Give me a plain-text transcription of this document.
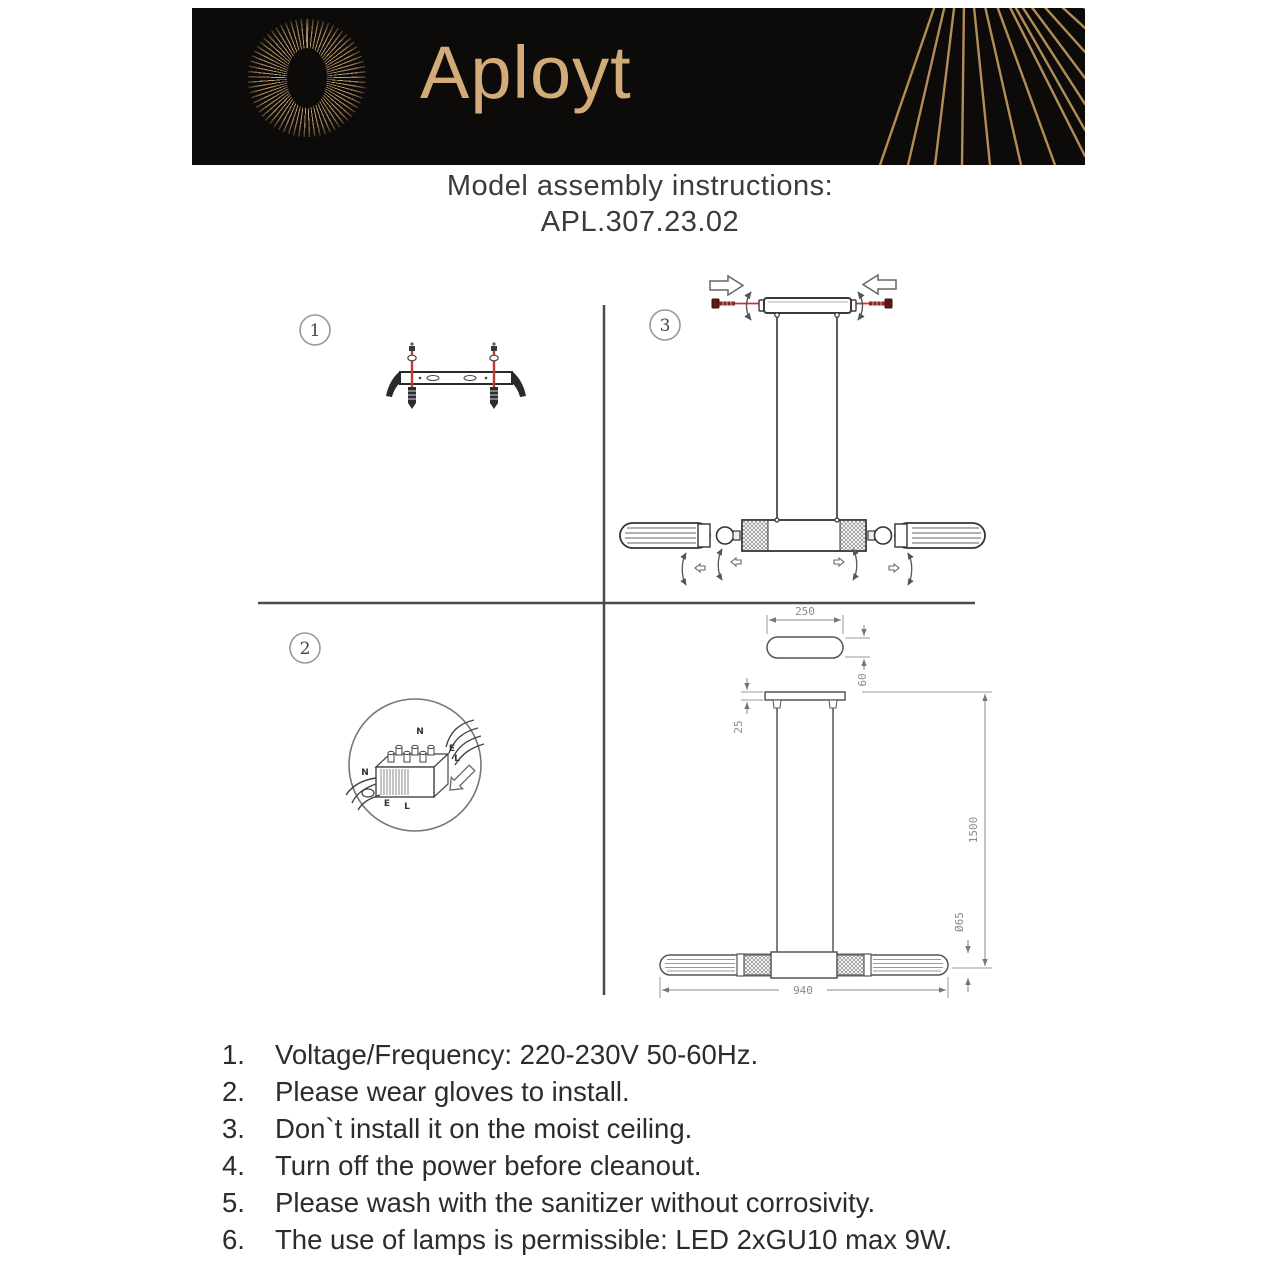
Aployt
Model assembly instructions:
APL.307.23.02
1	3
2
N
E
L
N
E L
250
60
25
940
1500
Ø65
1.	Voltage/Frequency: 220-230V 50-60Hz.
2.	Please wear gloves to install.
3.	Don`t install it on the moist ceiling.
4.	Turn off the power before cleanout.
5.	Please wash with the sanitizer without corrosivity.
6.	The use of lamps is permissible: LED 2xGU10 max 9W.
